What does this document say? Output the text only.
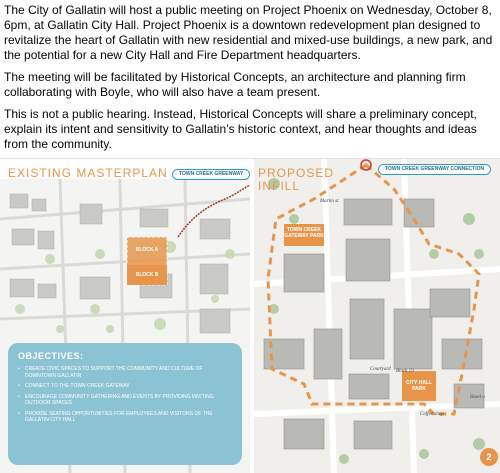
The City of Gallatin will host a public meeting on Project Phoenix on Wednesday, October 8, 6pm, at Gallatin City Hall. Project Phoenix is a downtown redevelopment plan designed to revitalize the heart of Gallatin with new residential and mixed-use buildings, a new park, and the potential for a new City Hall and Fire Department headquarters.

The meeting will be facilitated by Historical Concepts, an architecture and planning firm collaborating with Boyle, who will also have a team present.

This is not a public hearing. Instead, Historical Concepts will share a preliminary concept, explain its intent and sensitivity to Gallatin’s historic context, and hear thoughts and ideas from the community.

EXISTING MASTERPLAN
BLOCK A
BLOCK B
OBJECTIVES:
• CREATE CIVIC SPACES TO SUPPORT THE COMMUNITY AND CULTURE OF DOWNTOWN GALLATIN
• CONNECT TO THE TOWN CREEK GATEWAY
• ENCOURAGE COMMUNITY GATHERING AND EVENTS BY PROVIDING INVITING OUTDOOR SPACES
• PROVIDE SEATING OPPORTUNITIES FOR EMPLOYEES AND VISITORS OF THE GALLATIN CITY HALL
TOWN CREEK GREENWAY	PROPOSED
INFILL
TOWN CREEK GREENWAY CONNECTION
TOWN CREEK GATEWAY PARK
CITY HALL PARK
Martin st
Courtyard Block 19
Coffee shop
Hotel o
2
